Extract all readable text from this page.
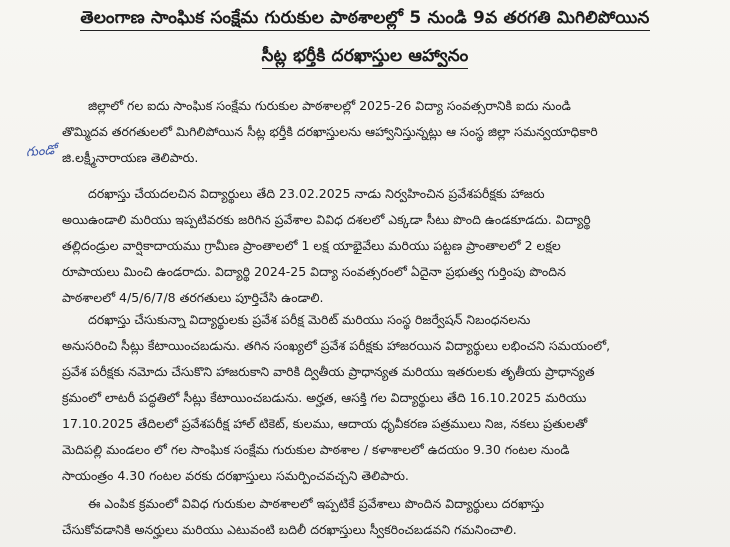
తెలంగాణ సాంఘిక సంక్షేమ గురుకుల పాఠశాలల్లో 5 నుండి 9వ తరగతి మిగిలిపోయిన
సీట్ల భర్తీకి దరఖాస్తుల ఆహ్వానం
గుండో
జిల్లాలో గల ఐదు సాంఘిక సంక్షేమ గురుకుల పాఠశాలల్లో 2025-26 విద్యా సంవత్సరానికి ఐదు నుండి
తొమ్మిదవ తరగతులలో మిగిలిపోయిన సీట్ల భర్తీకి దరఖాస్తులను ఆహ్వానిస్తున్నట్లు ఆ సంస్థ జిల్లా సమన్వయాధికారి
జి.లక్ష్మీనారాయణ తెలిపారు.
దరఖాస్తు చేయదలచిన విద్యార్థులు తేది 23.02.2025 నాడు నిర్వహించిన ప్రవేశపరీక్షకు హాజరు
అయిఉండాలి మరియు ఇప్పటివరకు జరిగిన ప్రవేశాల వివిధ దశలలో ఎక్కడా సీటు పొంది ఉండకూడదు. విద్యార్థి
తల్లిదండ్రుల వార్షికాదాయము గ్రామీణ ప్రాంతాలలో 1 లక్ష యాభైవేలు మరియు పట్టణ ప్రాంతాలలో 2 లక్షల
రూపాయలు మించి ఉండరాదు. విద్యార్థి 2024-25 విద్యా సంవత్సరంలో ఏదైనా ప్రభుత్వ గుర్తింపు పొందిన
పాఠశాలలో 4/5/6/7/8 తరగతులు పూర్తిచేసి ఉండాలి.
దరఖాస్తు చేసుకున్నా విద్యార్థులకు ప్రవేశ పరీక్ష మెరిట్ మరియు సంస్థ రిజర్వేషన్ నిబంధనలను
అనుసరించి సీట్లు కేటాయించబడును. తగిన సంఖ్యలో ప్రవేశ పరీక్షకు హాజరయిన విద్యార్థులు లభించని సమయంలో,
ప్రవేశ పరీక్షకు నమోదు చేసుకొని హాజరుకాని వారికి ద్వితీయ ప్రాధాన్యత మరియు ఇతరులకు తృతీయ ప్రాధాన్యత
క్రమంలో లాటరీ పద్ధతిలో సీట్లు కేటాయించబడును. అర్హత, ఆసక్తి గల విద్యార్థులు తేది 16.10.2025 మరియు
17.10.2025 తేదిలలో ప్రవేశపరీక్ష హాల్ టికెట్, కులము, ఆదాయ ధృవీకరణ పత్రములు నిజ, నకలు ప్రతులతో
మెదిపల్లి మండలం లో గల సాంఘిక సంక్షేమ గురుకుల పాఠశాల / కళాశాలలో ఉదయం 9.30 గంటల నుండి
సాయంత్రం 4.30 గంటల వరకు దరఖాస్తులు సమర్పించవచ్చని తెలిపారు.
ఈ ఎంపిక క్రమంలో వివిధ గురుకుల పాఠశాలలో ఇప్పటికే ప్రవేశాలు పొందిన విద్యార్థులు దరఖాస్తు
చేసుకోవడానికి అనర్హులు మరియు ఎటువంటి బదిలీ దరఖాస్తులు స్వీకరించబడవని గమనించాలి.
